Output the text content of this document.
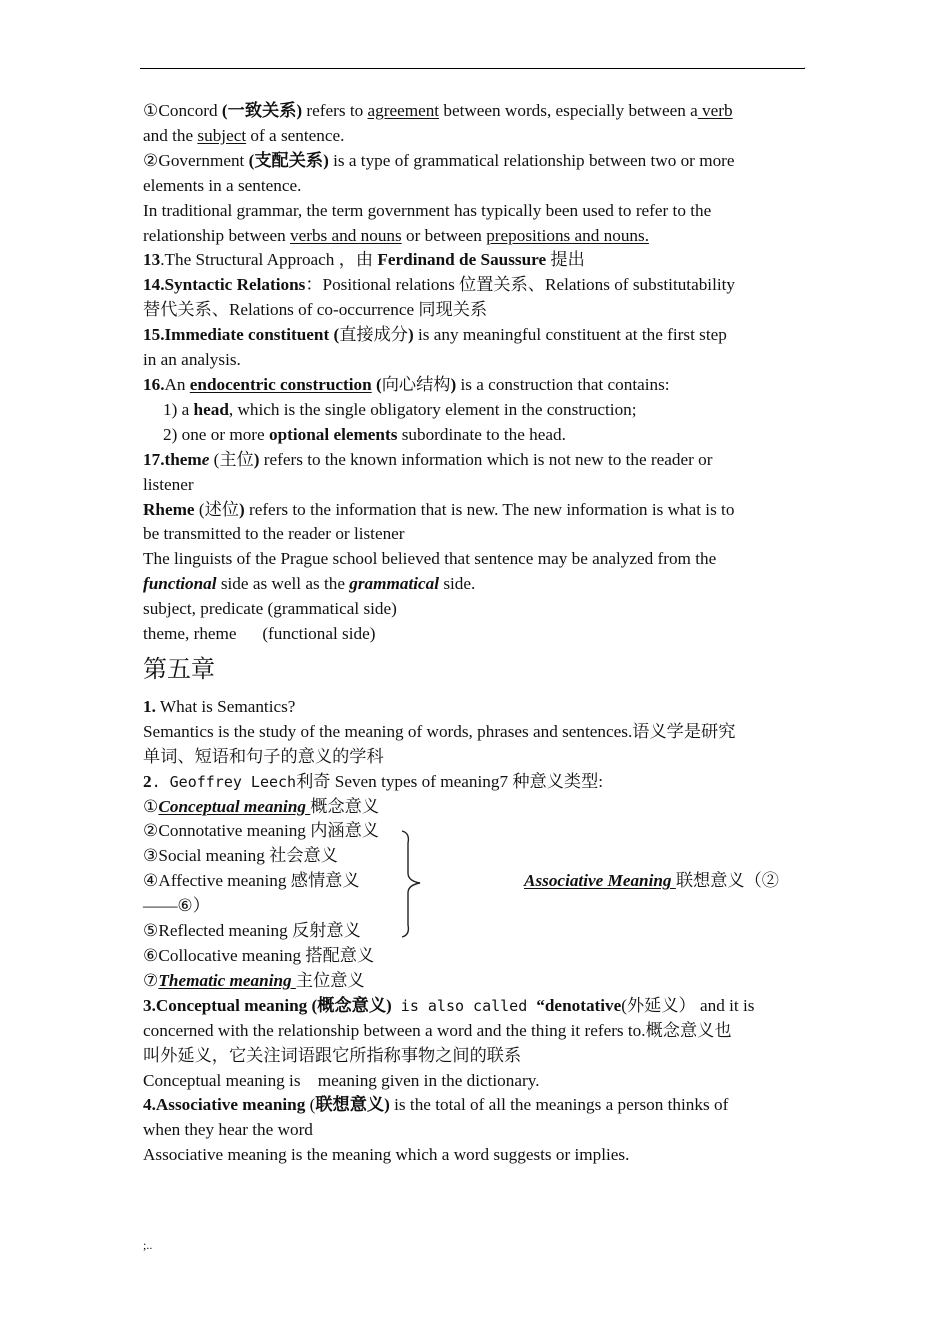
.
①Concord (一致关系) refers to agreement between words, especially between a verb
and the subject of a sentence.
②Government (支配关系) is a type of grammatical relationship between two or more
elements in a sentence.
In traditional grammar, the term government has typically been used to refer to the
relationship between verbs and nouns or between prepositions and nouns.
13.The Structural Approach ，由 Ferdinand de Saussure 提出
14.Syntactic Relations：Positional relations 位置关系、Relations of substitutability
替代关系、Relations of co-occurrence 同现关系
15.Immediate constituent (直接成分) is any meaningful constituent at the first step
in an analysis.
16.An endocentric construction (向心结构) is a construction that contains:
1) a head, which is the single obligatory element in the construction;
2) one or more optional elements subordinate to the head.
17.theme (主位) refers to the known information which is not new to the reader or
listener
Rheme (述位) refers to the information that is new. The new information is what is to
be transmitted to the reader or listener
The linguists of the Prague school believed that sentence may be analyzed from the
functional side as well as the grammatical side.
subject, predicate (grammatical side)
theme, rheme      (functional side)
第五章
1. What is Semantics?
Semantics is the study of the meaning of words, phrases and sentences.语义学是研究
单词、短语和句子的意义的学科
2. Geoffrey Leech利奇 Seven types of meaning7 种意义类型:
①Conceptual meaning 概念意义
②Connotative meaning 内涵意义
③Social meaning 社会意义
④Affective meaning 感情意义	Associative Meaning 联想意义（②
——⑥）
⑤Reflected meaning 反射意义
⑥Collocative meaning 搭配意义
⑦Thematic meaning 主位意义
3.Conceptual meaning (概念意义) is also called “denotative(外延义） and it is
concerned with the relationship between a word and the thing it refers to.概念意义也
叫外延义，它关注词语跟它所指称事物之间的联系
Conceptual meaning is    meaning given in the dictionary.
4.Associative meaning (联想意义) is the total of all the meanings a person thinks of
when they hear the word
Associative meaning is the meaning which a word suggests or implies.
;..
